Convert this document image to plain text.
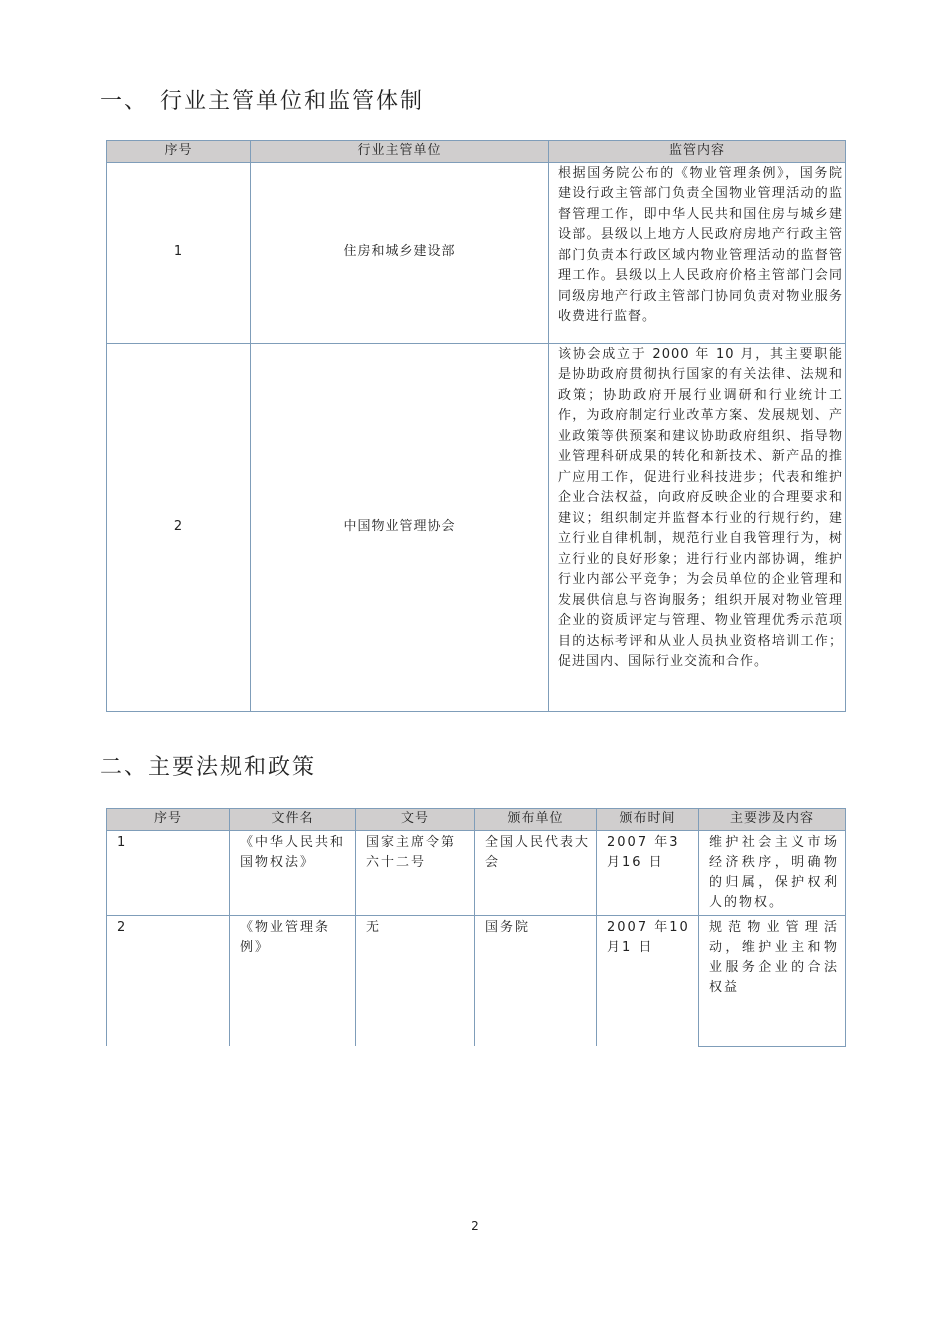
一、 行业主管单位和监管体制
序号	行业主管单位	监管内容
1	住房和城乡建设部	根据国务院公布的《物业管理条例》，国务院建设行政主管部门负责全国物业管理活动的监督管理工作，即中华人民共和国住房与城乡建设部。县级以上地方人民政府房地产行政主管部门负责本行政区域内物业管理活动的监督管理工作。县级以上人民政府价格主管部门会同同级房地产行政主管部门协同负责对物业服务收费进行监督。

2	中国物业管理协会	该协会成立于 2000 年 10 月，其主要职能是协助政府贯彻执行国家的有关法律、法规和政策；协助政府开展行业调研和行业统计工作，为政府制定行业改革方案、发展规划、产业政策等供预案和建议协助政府组织、指导物业管理科研成果的转化和新技术、新产品的推广应用工作，促进行业科技进步；代表和维护企业合法权益，向政府反映企业的合理要求和建议；组织制定并监督本行业的行规行约，建立行业自律机制，规范行业自我管理行为，树立行业的良好形象；进行行业内部协调，维护行业内部公平竞争；为会员单位的企业管理和发展供信息与咨询服务；组织开展对物业管理企业的资质评定与管理、物业管理优秀示范项目的达标考评和从业人员执业资格培训工作；促进国内、国际行业交流和合作。
二、主要法规和政策
序号	文件名	文号	颁布单位	颁布时间	主要涉及内容
1	《中华人民共和国物权法》	国家主席令第六十二号	全国人民代表大会	2007 年3 月16 日	维护社会主义市场经济秩序，明确物的归属，保护权利人的物权。
2	《物业管理条例》	无	国务院	2007 年10 月1 日	规范物业管理活动，维护业主和物业服务企业的合法权益
2
